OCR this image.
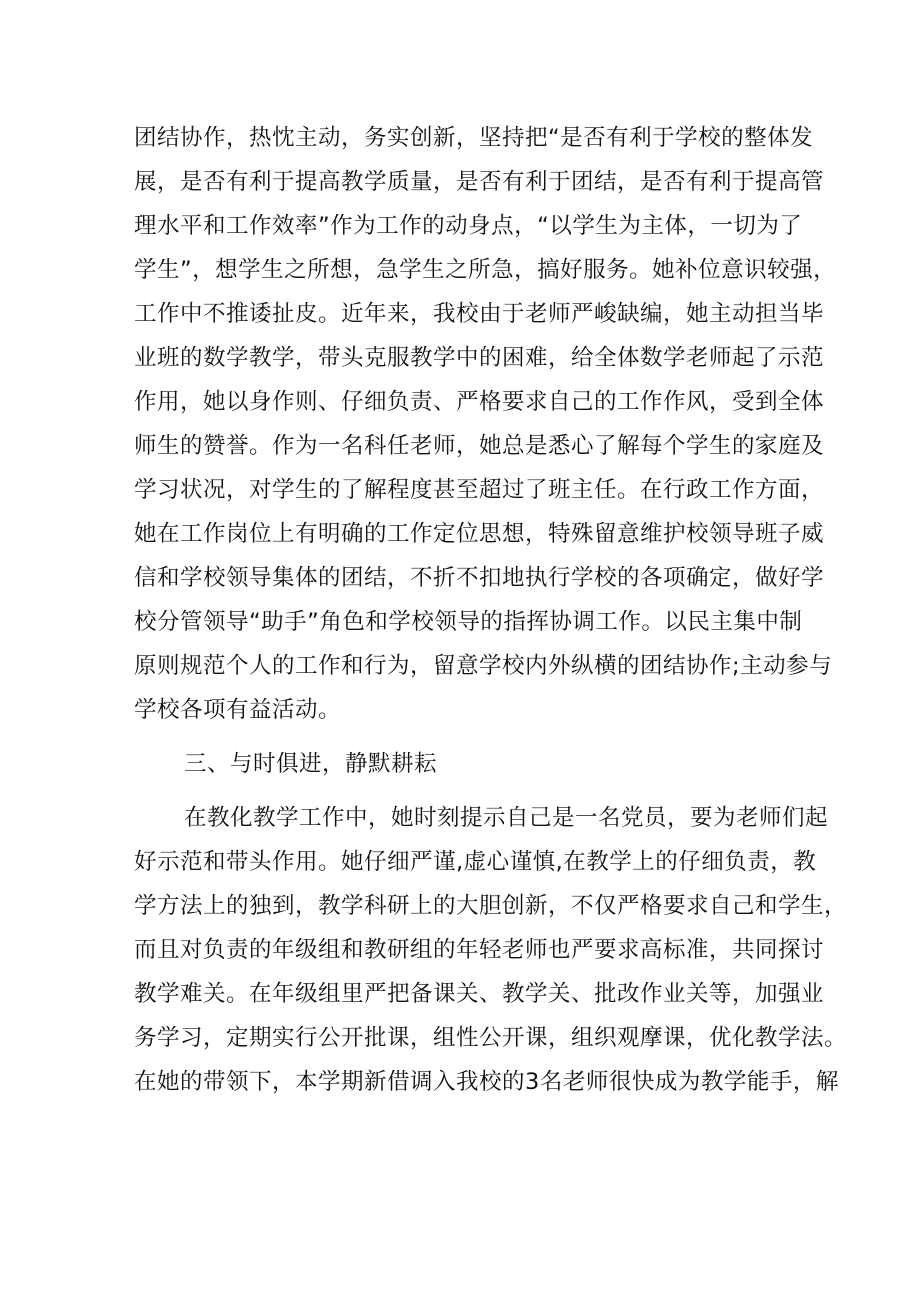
团结协作，热忱主动，务实创新，坚持把“是否有利于学校的整体发
展，是否有利于提高教学质量，是否有利于团结，是否有利于提高管
理水平和工作效率”作为工作的动身点，“以学生为主体，一切为了
学生”，想学生之所想，急学生之所急，搞好服务。她补位意识较强，
工作中不推诿扯皮。近年来，我校由于老师严峻缺编，她主动担当毕
业班的数学教学，带头克服教学中的困难，给全体数学老师起了示范
作用，她以身作则、仔细负责、严格要求自己的工作作风，受到全体
师生的赞誉。作为一名科任老师，她总是悉心了解每个学生的家庭及
学习状况，对学生的了解程度甚至超过了班主任。在行政工作方面，
她在工作岗位上有明确的工作定位思想，特殊留意维护校领导班子威
信和学校领导集体的团结，不折不扣地执行学校的各项确定，做好学
校分管领导“助手”角色和学校领导的指挥协调工作。以民主集中制
原则规范个人的工作和行为，留意学校内外纵横的团结协作;主动参与
学校各项有益活动。
三、与时俱进，静默耕耘
在教化教学工作中，她时刻提示自己是一名党员，要为老师们起
好示范和带头作用。她仔细严谨,虚心谨慎,在教学上的仔细负责，教
学方法上的独到，教学科研上的大胆创新，不仅严格要求自己和学生，
而且对负责的年级组和教研组的年轻老师也严要求高标准，共同探讨
教学难关。在年级组里严把备课关、教学关、批改作业关等，加强业
务学习，定期实行公开批课，组性公开课，组织观摩课，优化教学法。
在她的带领下，本学期新借调入我校的3名老师很快成为教学能手，解
